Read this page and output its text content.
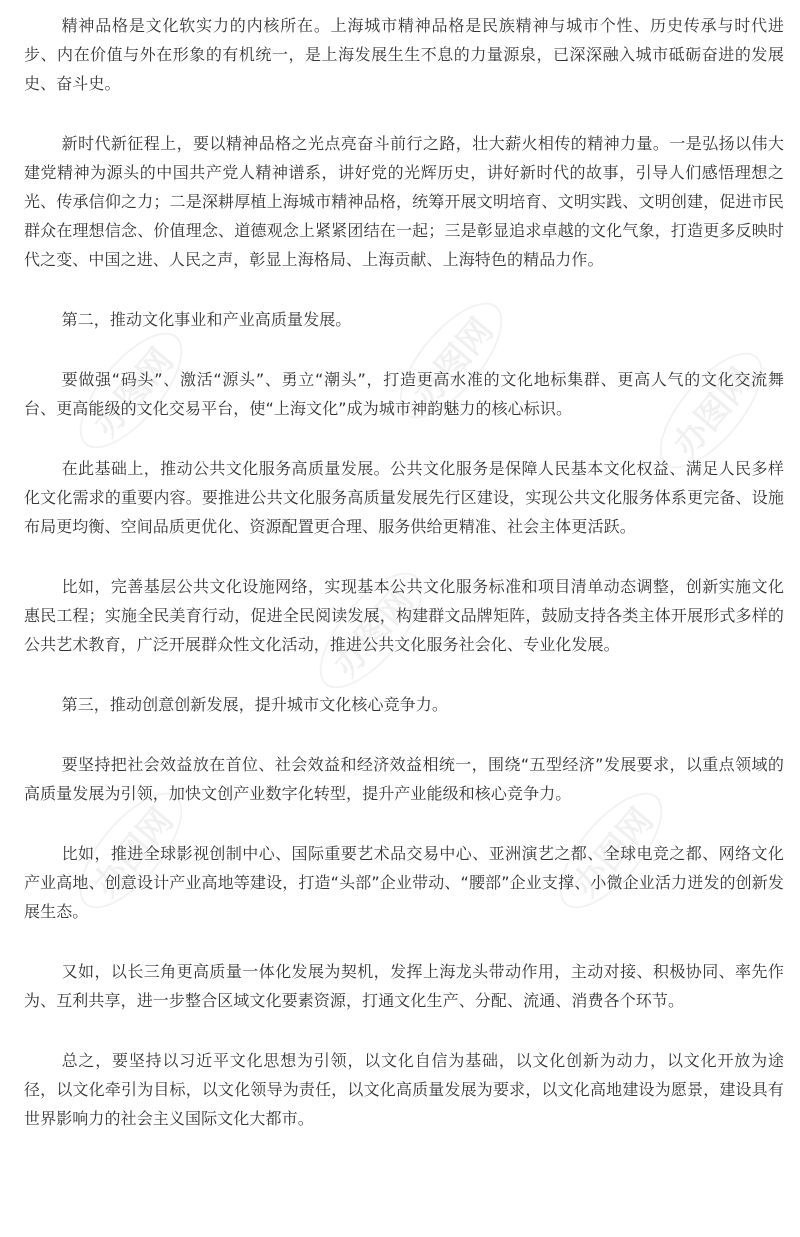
办图网	办图网	办图网
办图网
办图网	办图网

精神品格是文化软实力的内核所在。上海城市精神品格是民族精神与城市个性、历史传承与时代进步、内在价值与外在形象的有机统一，是上海发展生生不息的力量源泉，已深深融入城市砥砺奋进的发展史、奋斗史。

新时代新征程上，要以精神品格之光点亮奋斗前行之路，壮大薪火相传的精神力量。一是弘扬以伟大建党精神为源头的中国共产党人精神谱系，讲好党的光辉历史，讲好新时代的故事，引导人们感悟理想之光、传承信仰之力；二是深耕厚植上海城市精神品格，统筹开展文明培育、文明实践、文明创建，促进市民群众在理想信念、价值理念、道德观念上紧紧团结在一起；三是彰显追求卓越的文化气象，打造更多反映时代之变、中国之进、人民之声，彰显上海格局、上海贡献、上海特色的精品力作。

第二，推动文化事业和产业高质量发展。

要做强“码头”、激活“源头”、勇立“潮头”，打造更高水准的文化地标集群、更高人气的文化交流舞台、更高能级的文化交易平台，使“上海文化”成为城市神韵魅力的核心标识。

在此基础上，推动公共文化服务高质量发展。公共文化服务是保障人民基本文化权益、满足人民多样化文化需求的重要内容。要推进公共文化服务高质量发展先行区建设，实现公共文化服务体系更完备、设施布局更均衡、空间品质更优化、资源配置更合理、服务供给更精准、社会主体更活跃。

比如，完善基层公共文化设施网络，实现基本公共文化服务标准和项目清单动态调整，创新实施文化惠民工程；实施全民美育行动，促进全民阅读发展，构建群文品牌矩阵，鼓励支持各类主体开展形式多样的公共艺术教育，广泛开展群众性文化活动，推进公共文化服务社会化、专业化发展。

第三，推动创意创新发展，提升城市文化核心竞争力。

要坚持把社会效益放在首位、社会效益和经济效益相统一，围绕“五型经济”发展要求，以重点领域的高质量发展为引领，加快文创产业数字化转型，提升产业能级和核心竞争力。

比如，推进全球影视创制中心、国际重要艺术品交易中心、亚洲演艺之都、全球电竞之都、网络文化产业高地、创意设计产业高地等建设，打造“头部”企业带动、“腰部”企业支撑、小微企业活力迸发的创新发展生态。

又如，以长三角更高质量一体化发展为契机，发挥上海龙头带动作用，主动对接、积极协同、率先作为、互利共享，进一步整合区域文化要素资源，打通文化生产、分配、流通、消费各个环节。

总之，要坚持以习近平文化思想为引领，以文化自信为基础，以文化创新为动力，以文化开放为途径，以文化牵引为目标，以文化领导为责任，以文化高质量发展为要求，以文化高地建设为愿景，建设具有世界影响力的社会主义国际文化大都市。
